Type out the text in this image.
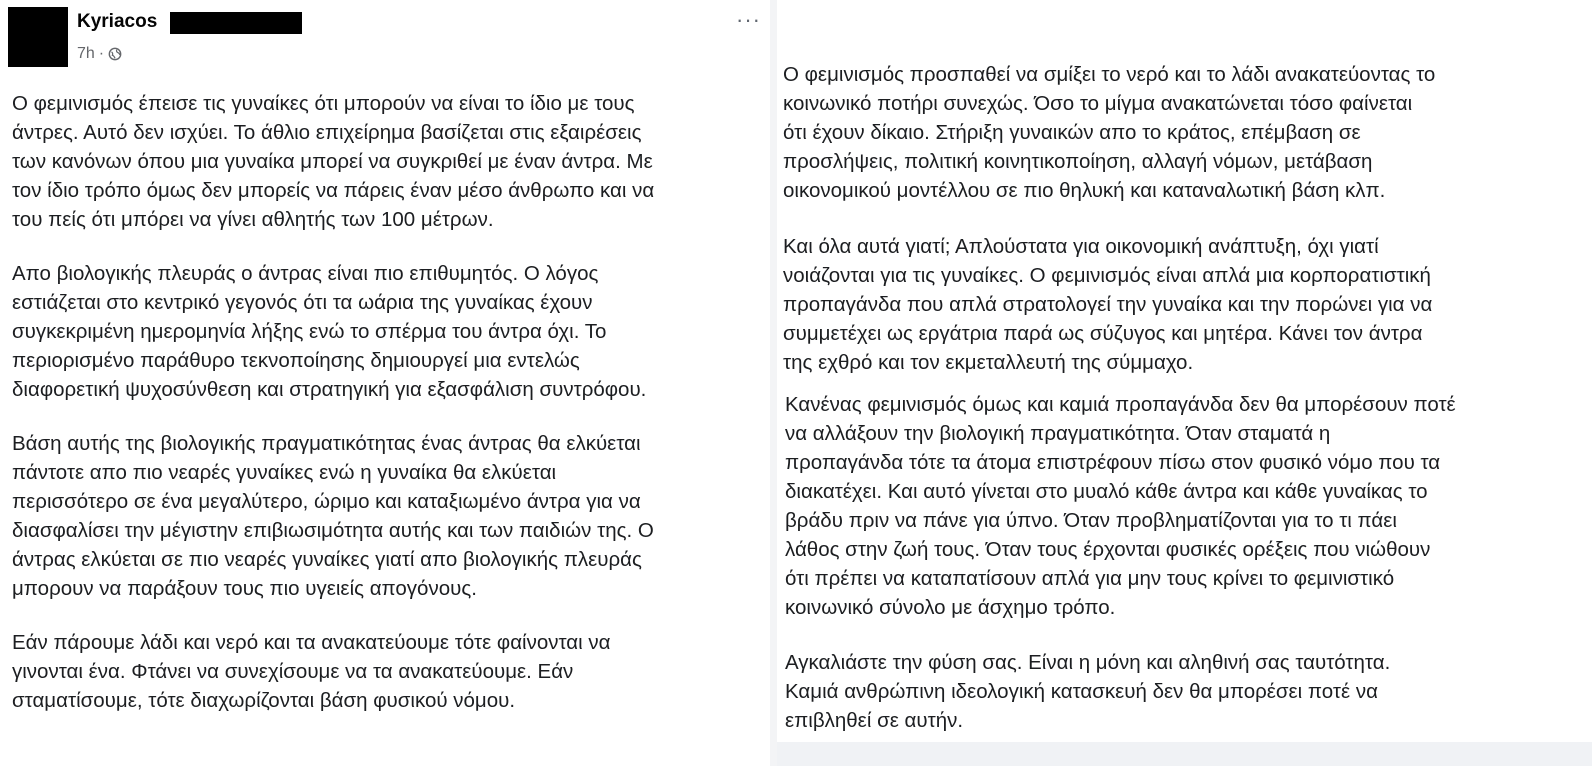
Kyriacos
7h ·
···
Ο φεμινισμός έπεισε τις γυναίκες ότι μπορούν να είναι το ίδιο με τους
άντρες. Αυτό δεν ισχύει. Το άθλιο επιχείρημα βασίζεται στις εξαιρέσεις
των κανόνων όπου μια γυναίκα μπορεί να συγκριθεί με έναν άντρα. Με
τον ίδιο τρόπο όμως δεν μπορείς να πάρεις έναν μέσο άνθρωπο και να
του πείς ότι μπόρει να γίνει αθλητής των 100 μέτρων.
Απο βιολογικής πλευράς ο άντρας είναι πιο επιθυμητός. Ο λόγος
εστιάζεται στο κεντρικό γεγονός ότι τα ωάρια της γυναίκας έχουν
συγκεκριμένη ημερομηνία λήξης ενώ το σπέρμα του άντρα όχι. Το
περιορισμένο παράθυρο τεκνοποίησης δημιουργεί μια εντελώς
διαφορετική ψυχοσύνθεση και στρατηγική για εξασφάλιση συντρόφου.
Βάση αυτής της βιολογικής πραγματικότητας ένας άντρας θα ελκύεται
πάντοτε απο πιο νεαρές γυναίκες ενώ η γυναίκα θα ελκύεται
περισσότερο σε ένα μεγαλύτερο, ώριμο και καταξιωμένο άντρα για να
διασφαλίσει την μέγιστην επιβιωσιμότητα αυτής και των παιδιών της. Ο
άντρας ελκύεται σε πιο νεαρές γυναίκες γιατί απο βιολογικής πλευράς
μπορουν να παράξουν τους πιο υγειείς απογόνους.
Εάν πάρουμε λάδι και νερό και τα ανακατεύουμε τότε φαίνονται να
γινονται ένα. Φτάνει να συνεχίσουμε να τα ανακατεύουμε. Εάν
σταματίσουμε, τότε διαχωρίζονται βάση φυσικού νόμου.
Ο φεμινισμός προσπαθεί να σμίξει το νερό και το λάδι ανακατεύοντας το
κοινωνικό ποτήρι συνεχώς. Όσο το μίγμα ανακατώνεται τόσο φαίνεται
ότι έχουν δίκαιο. Στήριξη γυναικών απο το κράτος, επέμβαση σε
προσλήψεις, πολιτική κοινητικοποίηση, αλλαγή νόμων, μετάβαση
οικονομικού μοντέλλου σε πιο θηλυκή και καταναλωτική βάση κλπ.
Και όλα αυτά γιατί; Απλούστατα για οικονομική ανάπτυξη, όχι γιατί
νοιάζονται για τις γυναίκες. Ο φεμινισμός είναι απλά μια κορπορατιστική
προπαγάνδα που απλά στρατολογεί την γυναίκα και την πορώνει για να
συμμετέχει ως εργάτρια παρά ως σύζυγος και μητέρα. Κάνει τον άντρα
της εχθρό και τον εκμεταλλευτή της σύμμαχο.
Κανένας φεμινισμός όμως και καμιά προπαγάνδα δεν θα μπορέσουν ποτέ
να αλλάξουν την βιολογική πραγματικότητα. Όταν σταματά η
προπαγάνδα τότε τα άτομα επιστρέφουν πίσω στον φυσικό νόμο που τα
διακατέχει. Και αυτό γίνεται στο μυαλό κάθε άντρα και κάθε γυναίκας το
βράδυ πριν να πάνε για ύπνο. Όταν προβληματίζονται για το τι πάει
λάθος στην ζωή τους. Όταν τους έρχονται φυσικές ορέξεις που νιώθουν
ότι πρέπει να καταπατίσουν απλά για μην τους κρίνει το φεμινιστικό
κοινωνικό σύνολο με άσχημο τρόπο.
Αγκαλιάστε την φύση σας. Είναι η μόνη και αληθινή σας ταυτότητα.
Καμιά ανθρώπινη ιδεολογική κατασκευή δεν θα μπορέσει ποτέ να
επιβληθεί σε αυτήν.
